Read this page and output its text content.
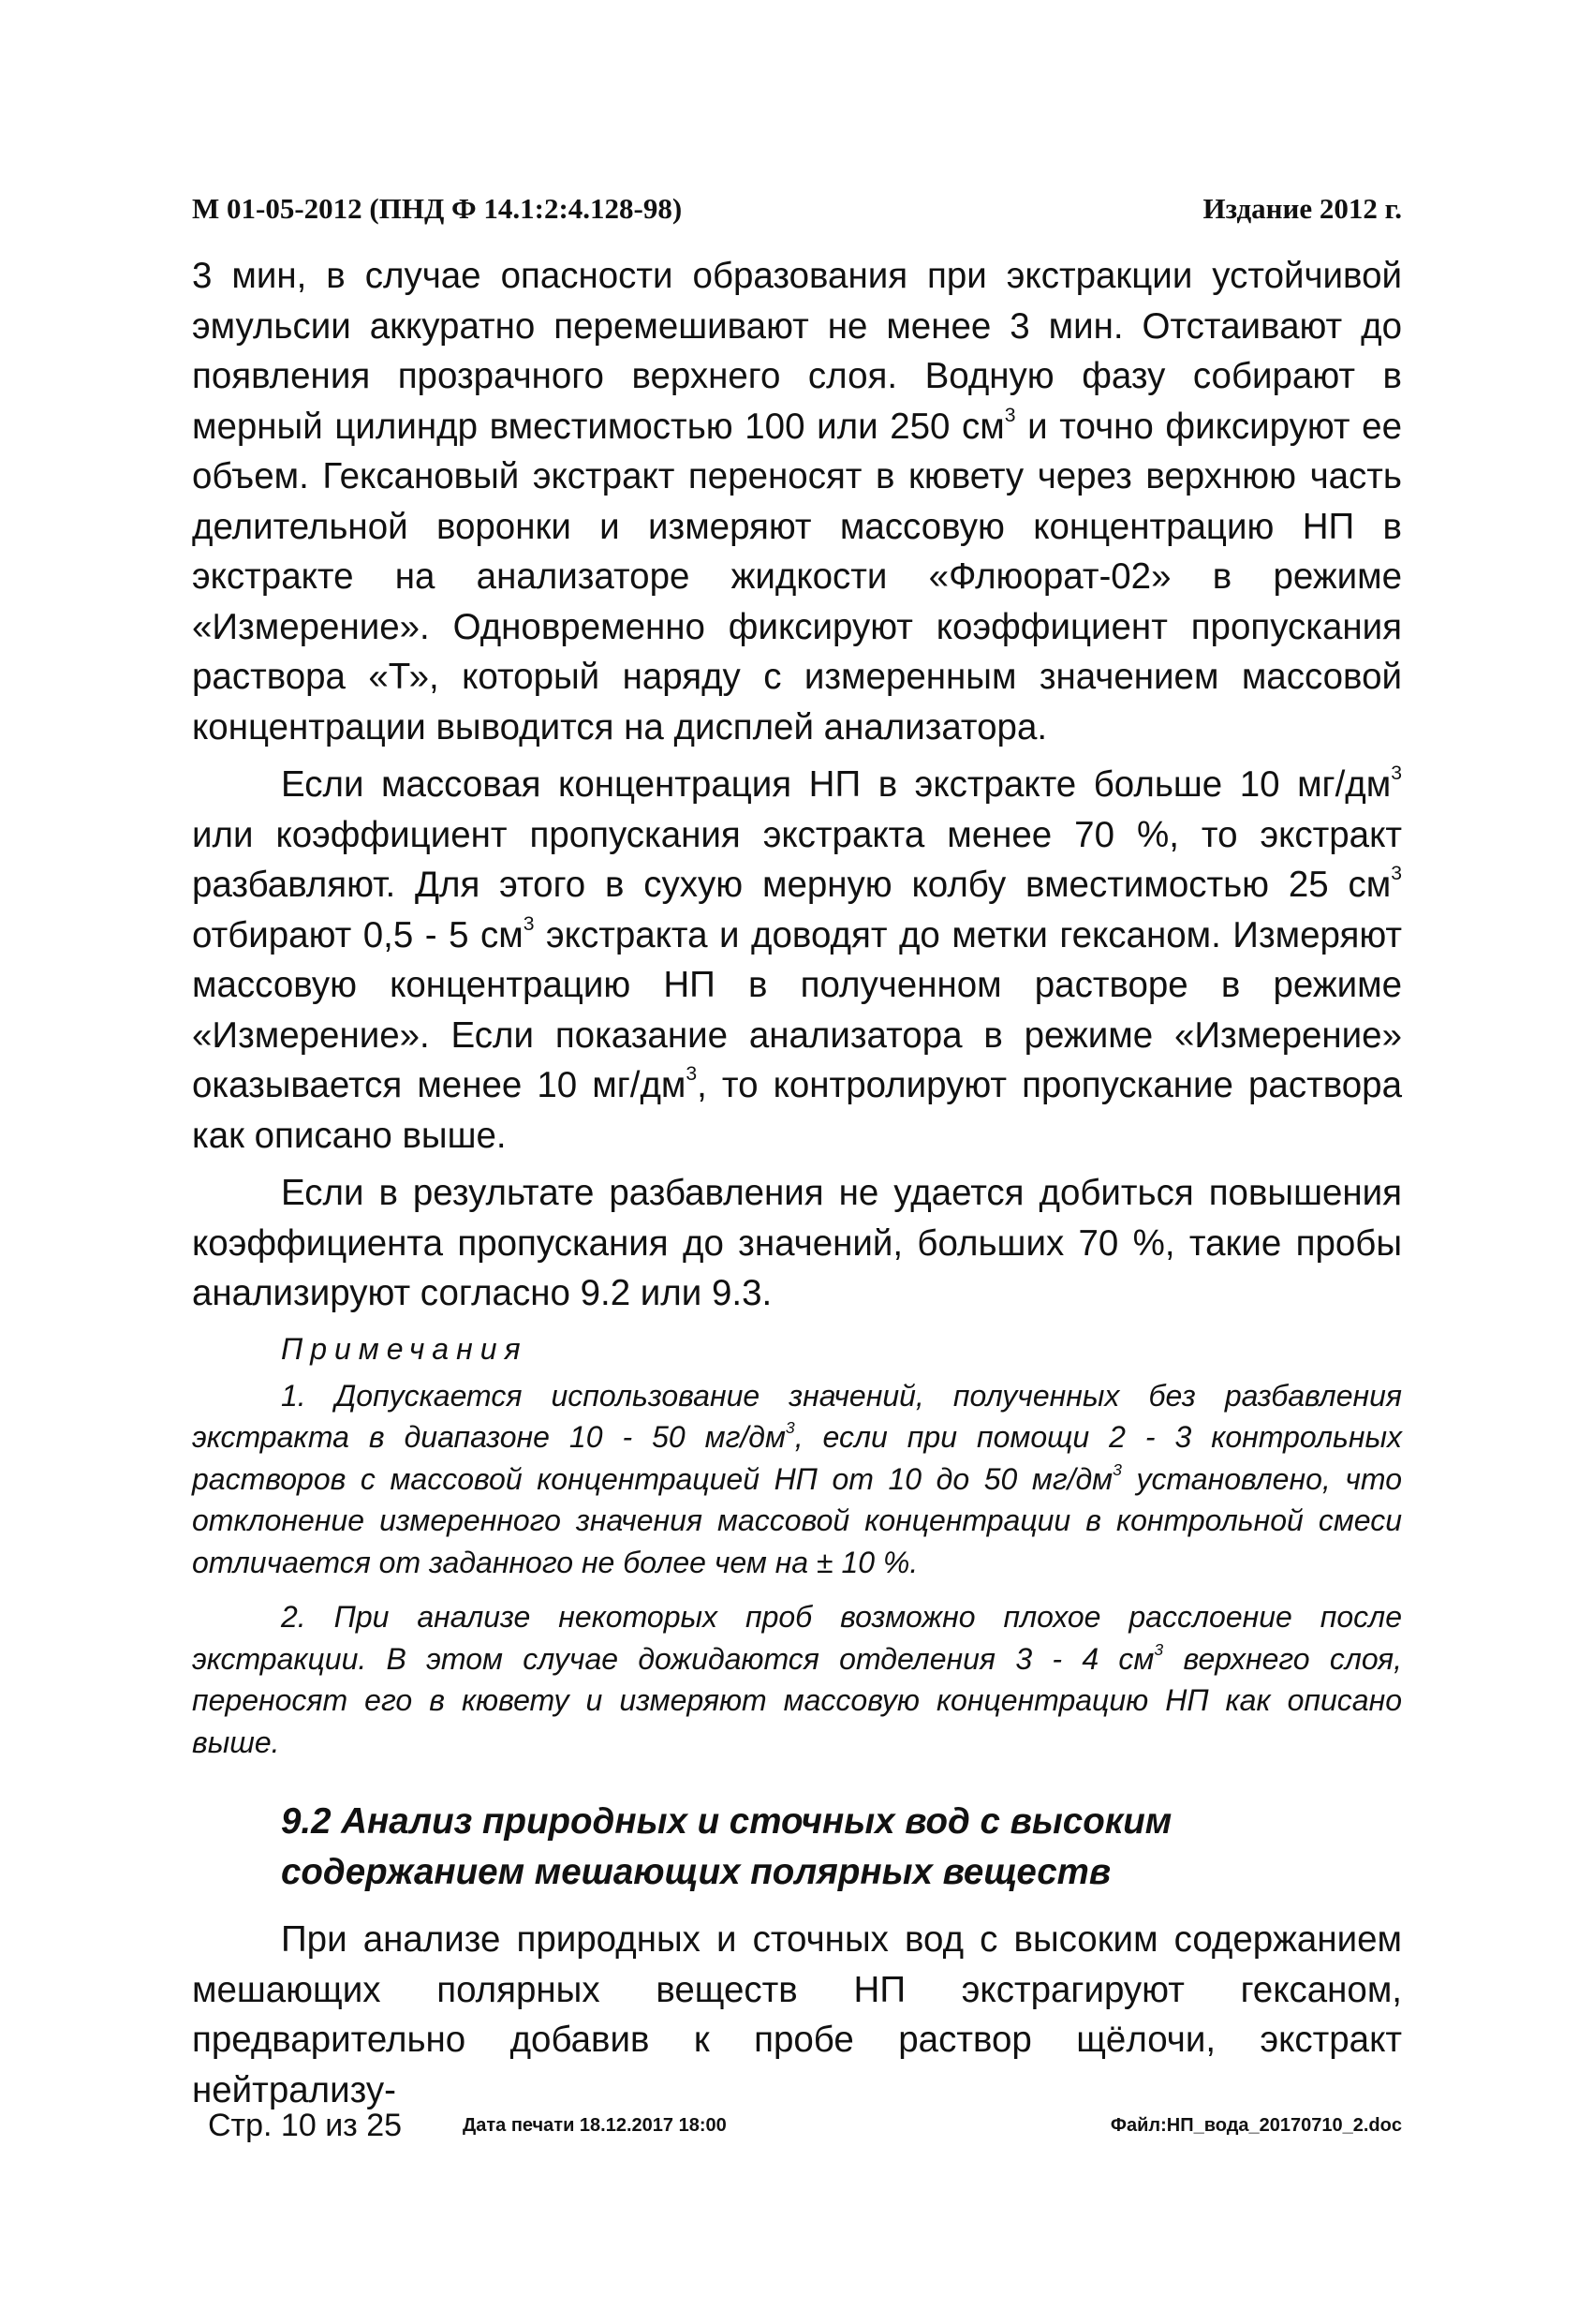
М 01-05-2012 (ПНД Ф 14.1:2:4.128-98)	Издание 2012 г.

3 мин, в случае опасности образования при экстракции устойчивой эмульсии аккуратно перемешивают не менее 3 мин. Отстаивают до появления прозрачного верхнего слоя. Водную фазу собирают в мерный цилиндр вместимостью 100 или 250 $см^3$ и точно фиксируют ее объем. Гексановый экстракт переносят в кювету через верхнюю часть делительной воронки и измеряют массовую концентрацию НП в экстракте на анализаторе жидкости «Флюорат-02» в режиме «Измерение». Одновременно фиксируют коэффициент пропускания раствора «Т», который наряду с измеренным значением массовой концентрации выводится на дисплей анализатора.

Если массовая концентрация НП в экстракте больше 10 $мг/дм^3$ или коэффициент пропускания экстракта менее 70 %, то экстракт разбавляют. Для этого в сухую мерную колбу вместимостью 25 $см^3$ отбирают 0,5 - 5 $см^3$ экстракта и доводят до метки гексаном. Измеряют массовую концентрацию НП в полученном растворе в режиме «Измерение». Если показание анализатора в режиме «Измерение» оказывается менее 10 $мг/дм^3$, то контролируют пропускание раствора как описано выше.

Если в результате разбавления не удается добиться повышения коэффициента пропускания до значений, больших 70 %, такие пробы анализируют согласно 9.2 или 9.3.

Примечания

1. Допускается использование значений, полученных без разбавления экстракта в диапазоне 10 - 50 $мг/дм^3$, если при помощи 2 - 3 контрольных растворов с массовой концентрацией НП от 10 до 50 $мг/дм^3$ установлено, что отклонение измеренного значения массовой концентрации в контрольной смеси отличается от заданного не более чем на ± 10 %.

2. При анализе некоторых проб возможно плохое расслоение после экстракции. В этом случае дожидаются отделения 3 - 4 $см^3$ верхнего слоя, переносят его в кювету и измеряют массовую концентрацию НП как описано выше.

9.2 Анализ природных и сточных вод с высоким содержанием мешающих полярных веществ

При анализе природных и сточных вод с высоким содержанием мешающих полярных веществ НП экстрагируют гексаном, предварительно добавив к пробе раствор щёлочи, экстракт нейтрализу-

Стр. 10 из 25	Дата печати 18.12.2017 18:00	Файл:НП_вода_20170710_2.doc
